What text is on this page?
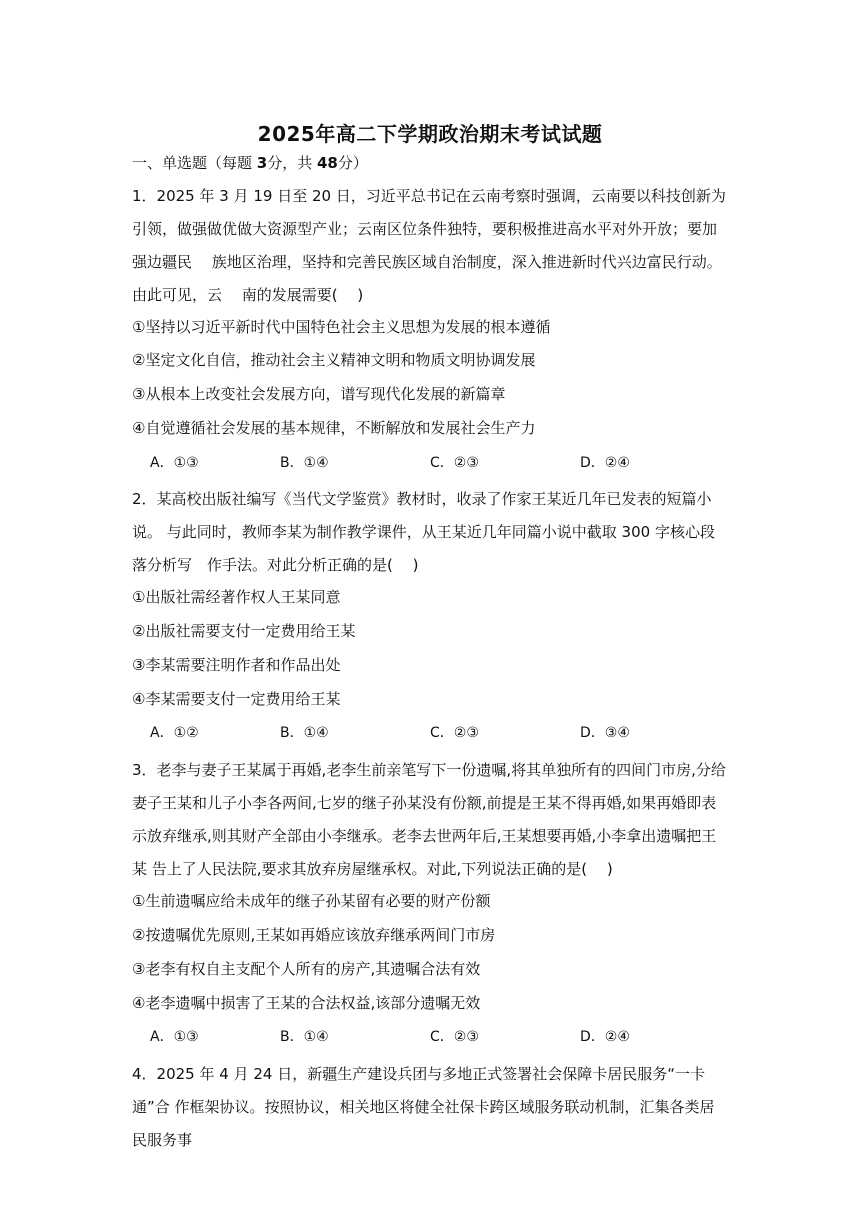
2025年高二下学期政治期末考试试题
一、单选题（每题 3分，共 48分）
1．2025 年 3 月 19 日至 20 日，习近平总书记在云南考察时强调，云南要以科技创新为引领，做强做优做大资源型产业；云南区位条件独特，要积极推进高水平对外开放；要加强边疆民　 族地区治理，坚持和完善民族区域自治制度，深入推进新时代兴边富民行动。由此可见，云　 南的发展需要(　 )
①坚持以习近平新时代中国特色社会主义思想为发展的根本遵循
②坚定文化自信，推动社会主义精神文明和物质文明协调发展
③从根本上改变社会发展方向，谱写现代化发展的新篇章
④自觉遵循社会发展的基本规律，不断解放和发展社会生产力
A．①③	B．①④	C．②③	D．②④
2．某高校出版社编写《当代文学鉴赏》教材时，收录了作家王某近几年已发表的短篇小说。 与此同时，教师李某为制作教学课件，从王某近几年同篇小说中截取 300 字核心段落分析写　作手法。对此分析正确的是(　 )
①出版社需经著作权人王某同意
②出版社需要支付一定费用给王某
③李某需要注明作者和作品出处
④李某需要支付一定费用给王某
A．①②	B．①④	C．②③	D．③④
3．老李与妻子王某属于再婚,老李生前亲笔写下一份遗嘱,将其单独所有的四间门市房,分给 妻子王某和儿子小李各两间,七岁的继子孙某没有份额,前提是王某不得再婚,如果再婚即表　 示放弃继承,则其财产全部由小李继承。老李去世两年后,王某想要再婚,小李拿出遗嘱把王某 告上了人民法院,要求其放弃房屋继承权。对此,下列说法正确的是(　 )
①生前遗嘱应给未成年的继子孙某留有必要的财产份额
②按遗嘱优先原则,王某如再婚应该放弃继承两间门市房
③老李有权自主支配个人所有的房产,其遗嘱合法有效
④老李遗嘱中损害了王某的合法权益,该部分遗嘱无效
A．①③	B．①④	C．②③	D．②④
4．2025 年 4 月 24 日，新疆生产建设兵团与多地正式签署社会保障卡居民服务“一卡通”合 作框架协议。按照协议，相关地区将健全社保卡跨区域服务联动机制，汇集各类居民服务事
